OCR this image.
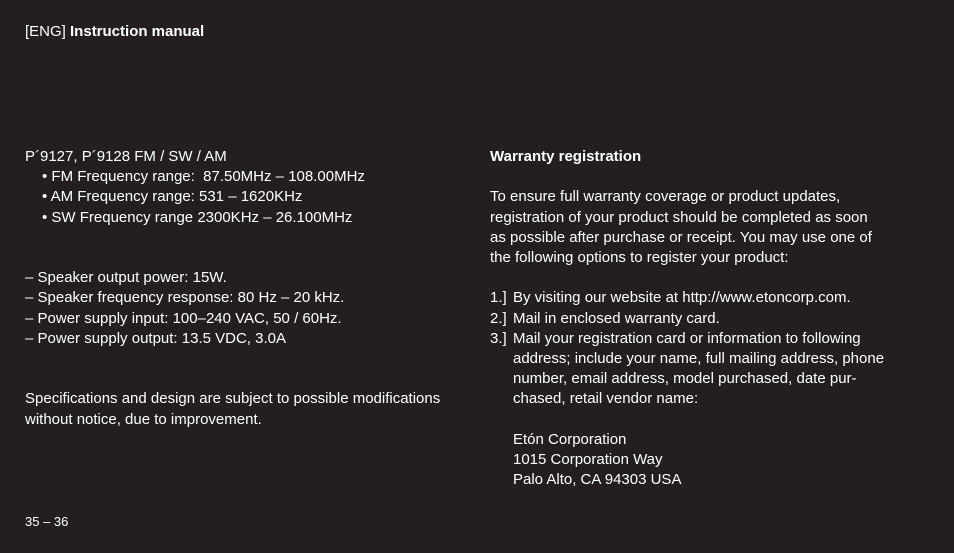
[ENG] Instruction manual
P´9127, P´9128 FM / SW / AM
• FM Frequency range:  87.50MHz – 108.00MHz
• AM Frequency range: 531 – 1620KHz
• SW Frequency range 2300KHz – 26.100MHz
– Speaker output power: 15W.
– Speaker frequency response: 80 Hz – 20 kHz.
– Power supply input: 100–240 VAC, 50 / 60Hz.
– Power supply output: 13.5 VDC, 3.0A
Specifications and design are subject to possible modifications
without notice, due to improvement.
Warranty registration
To ensure full warranty coverage or product updates,
registration of your product should be completed as soon
as possible after purchase or receipt. You may use one of
the following options to register your product:
1.] By visiting our website at http://www.etoncorp.com.
2.] Mail in enclosed warranty card.
3.] Mail your registration card or information to following
address; include your name, full mailing address, phone
number, email address, model purchased, date pur-
chased, retail vendor name:
Etón Corporation
1015 Corporation Way
Palo Alto, CA 94303 USA
35 – 36
